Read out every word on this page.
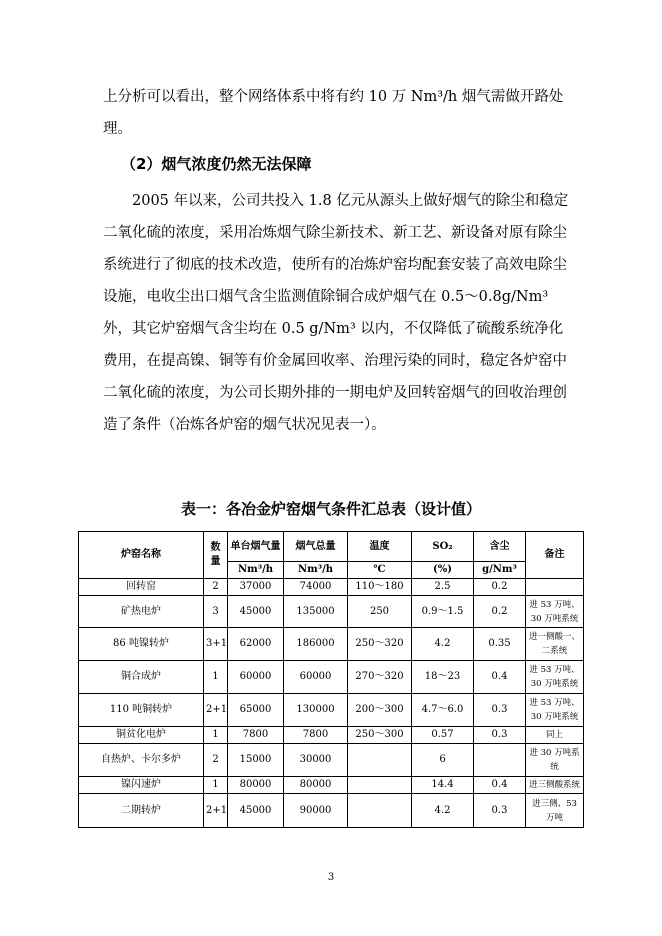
上分析可以看出，整个网络体系中将有约 10 万 Nm³/h 烟气需做开路处理。

（2）烟气浓度仍然无法保障

2005 年以来，公司共投入 1.8 亿元从源头上做好烟气的除尘和稳定二氧化硫的浓度，采用冶炼烟气除尘新技术、新工艺、新设备对原有除尘系统进行了彻底的技术改造，使所有的冶炼炉窑均配套安装了高效电除尘设施，电收尘出口烟气含尘监测值除铜合成炉烟气在 0.5～0.8g/Nm³ 外，其它炉窑烟气含尘均在 0.5 g/Nm³ 以内，不仅降低了硫酸系统净化费用，在提高镍、铜等有价金属回收率、治理污染的同时，稳定各炉窑中二氧化硫的浓度，为公司长期外排的一期电炉及回转窑烟气的回收治理创造了条件（冶炼各炉窑的烟气状况见表一）。

表一：各冶金炉窑烟气条件汇总表（设计值）

炉窑名称	数量	单台烟气量	烟气总量	温度	SO₂	含尘	备注
		Nm³/h	Nm³/h	℃	(%)	g/Nm³	
回转窑	2	37000	74000	110～180	2.5	0.2	
矿热电炉	3	45000	135000	250	0.9～1.5	0.2	进 53 万吨、30 万吨系统
86 吨镍转炉	3+1	62000	186000	250～320	4.2	0.35	进一侧酸一、二系统
铜合成炉	1	60000	60000	270～320	18～23	0.4	进 53 万吨、30 万吨系统
110 吨铜转炉	2+1	65000	130000	200～300	4.7～6.0	0.3	进 53 万吨、30 万吨系统
铜贫化电炉	1	7800	7800	250～300	0.57	0.3	同上
自热炉、卡尔多炉	2	15000	30000		6		进 30 万吨系统
镍闪速炉	1	80000	80000		14.4	0.4	进三侧酸系统
二期转炉	2+1	45000	90000		4.2	0.3	进三侧、53 万吨
3
